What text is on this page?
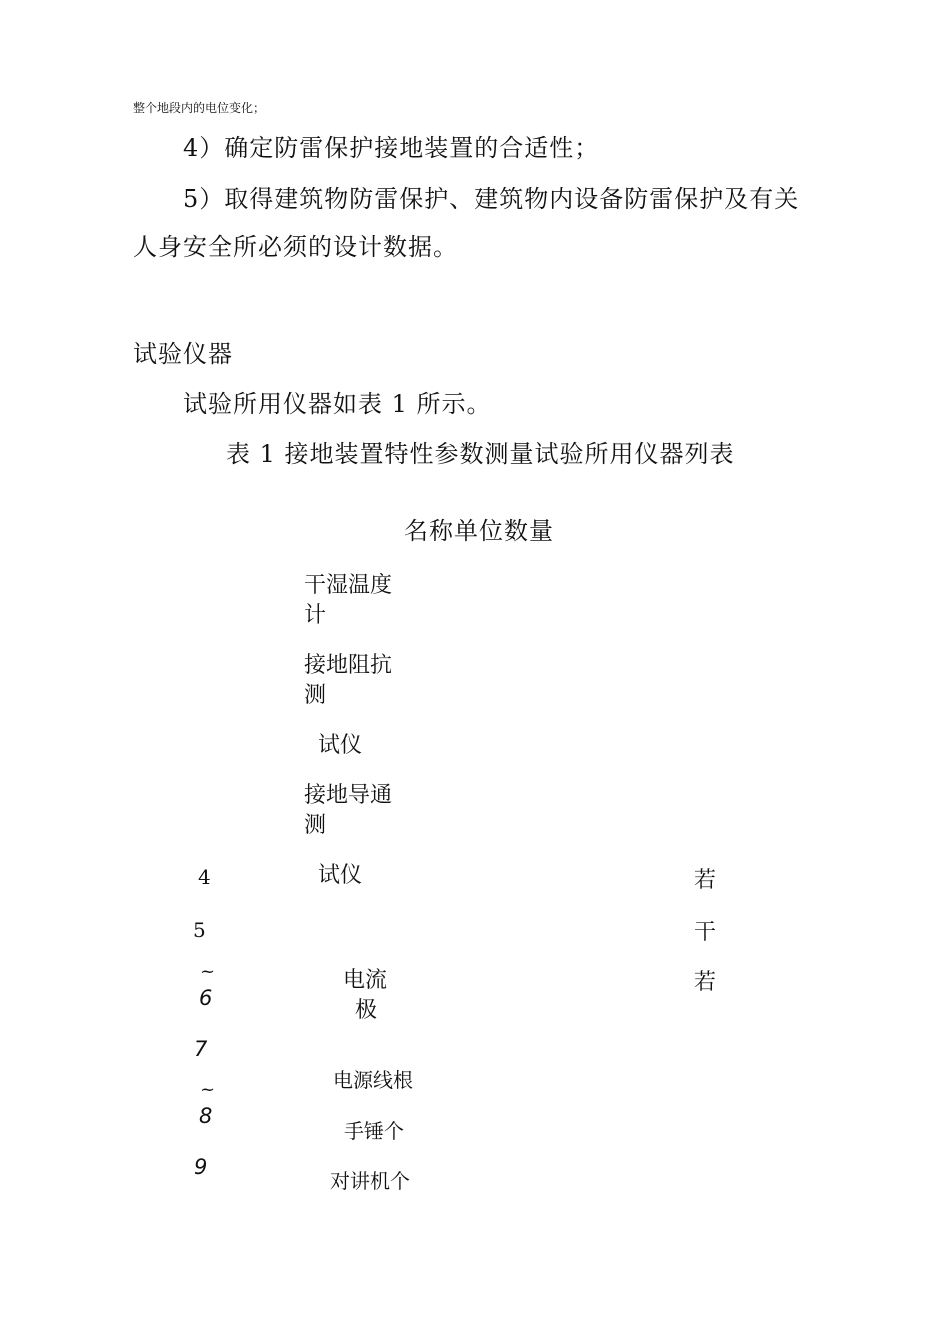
整个地段内的电位变化；
4）确定防雷保护接地装置的合适性；
5）取得建筑物防雷保护、建筑物内设备防雷保护及有关
人身安全所必须的设计数据。
试验仪器
试验所用仪器如表 1 所示。
表 1 接地装置特性参数测量试验所用仪器列表
名称单位数量
干湿温度
计
接地阻抗
测
试仪
接地导通
测
试仪
4
5
~
6
7
~
8
9
电流
极
若
干
若
电源线根
手锤个
对讲机个
